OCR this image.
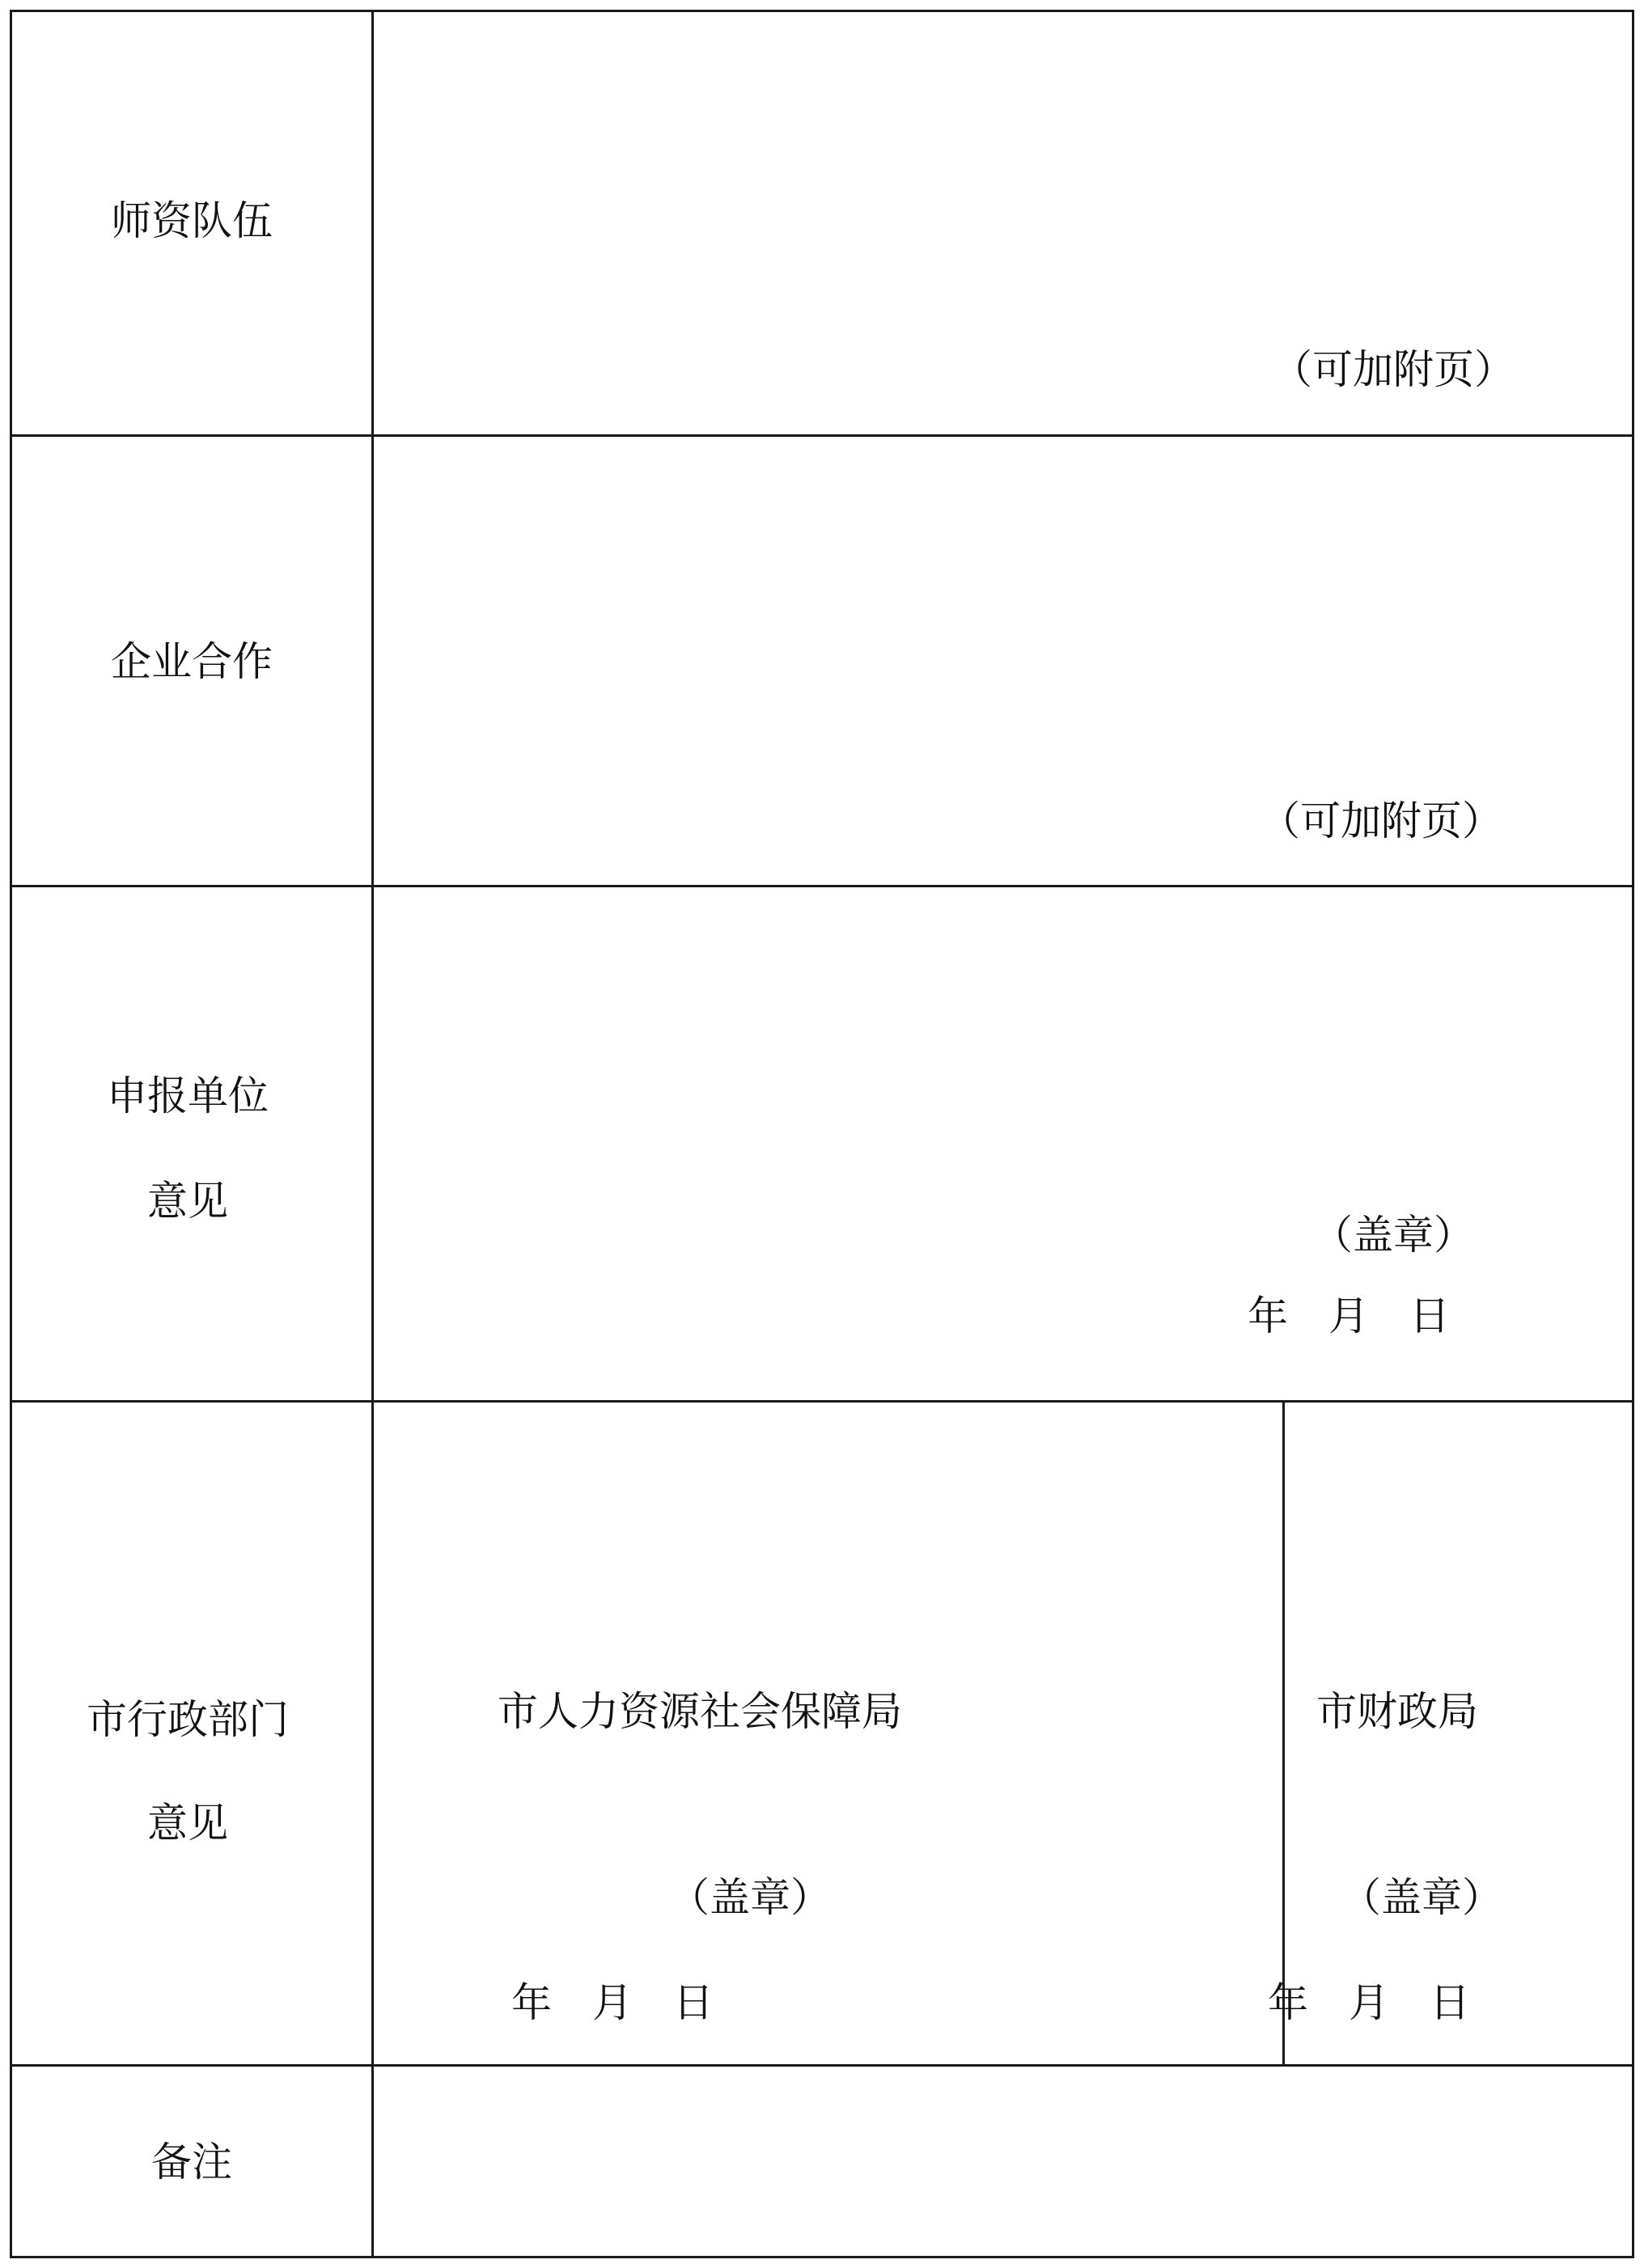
师资队伍
（可加附页）
企业合作
（可加附页）
申报单位
意见
（盖章）
年　月　日
市行政部门
意见
市人力资源社会保障局
（盖章）
年　月　日
市财政局
（盖章）
年　月　日
备注
